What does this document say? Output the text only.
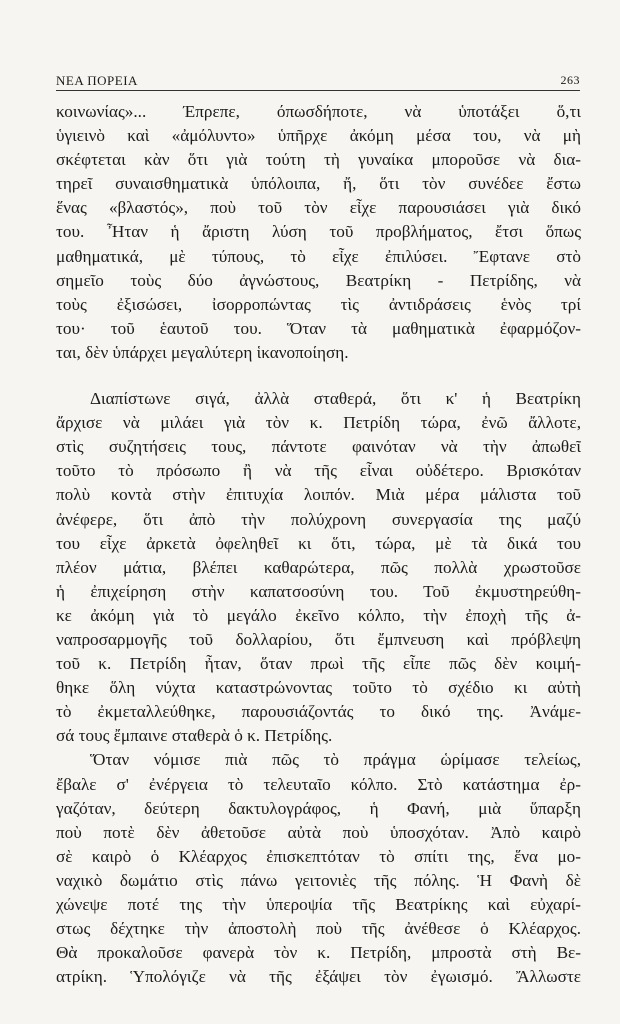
ΝΕΑ ΠΟΡΕΙΑ	263
κοινωνίας»... Έπρεπε, όπωσδήποτε, νὰ ὑποτάξει ὅ,τι
ὑγιεινὸ καὶ «ἀμόλυντο» ὑπῆρχε ἀκόμη μέσα του, νὰ μὴ
σκέφτεται κὰν ὅτι γιὰ τούτη τὴ γυναίκα μποροῦσε νὰ δια-
τηρεῖ συναισθηματικὰ ὑπόλοιπα, ἤ, ὅτι τὸν συνέδεε ἔστω
ἕνας «βλαστός», ποὺ τοῦ τὸν εἶχε παρουσιάσει γιὰ δικό
του. Ἦταν ἡ ἄριστη λύση τοῦ προβλήματος, ἔτσι ὅπως
μαθηματικά, μὲ τύπους, τὸ εἶχε ἐπιλύσει. Ἔφτανε στὸ
σημεῖο τοὺς δύο ἀγνώστους, Βεατρίκη - Πετρίδης, νὰ
τοὺς ἐξισώσει, ἰσορροπώντας τὶς ἀντιδράσεις ἑνὸς τρί
του· τοῦ ἑαυτοῦ του. Ὅταν τὰ μαθηματικὰ ἐφαρμόζον-
ται, δὲν ὑπάρχει μεγαλύτερη ἱκανοποίηση.
Διαπίστωνε σιγά, ἀλλὰ σταθερά, ὅτι κ' ἡ Βεατρίκη
ἄρχισε νὰ μιλάει γιὰ τὸν κ. Πετρίδη τώρα, ἐνῶ ἄλλοτε,
στὶς συζητήσεις τους, πάντοτε φαινόταν νὰ τὴν ἀπωθεῖ
τοῦτο τὸ πρόσωπο ἢ νὰ τῆς εἶναι οὐδέτερο. Βρισκόταν
πολὺ κοντὰ στὴν ἐπιτυχία λοιπόν. Μιὰ μέρα μάλιστα τοῦ
ἀνέφερε, ὅτι ἀπὸ τὴν πολύχρονη συνεργασία της μαζύ
του εἶχε ἀρκετὰ ὀφεληθεῖ κι ὅτι, τώρα, μὲ τὰ δικά του
πλέον μάτια, βλέπει καθαρώτερα, πῶς πολλὰ χρωστοῦσε
ἡ ἐπιχείρηση στὴν καπατσοσύνη του. Τοῦ ἐκμυστηρεύθη-
κε ἀκόμη γιὰ τὸ μεγάλο ἐκεῖνο κόλπο, τὴν ἐποχὴ τῆς ἀ-
ναπροσαρμογῆς τοῦ δολλαρίου, ὅτι ἔμπνευση καὶ πρόβλεψη
τοῦ κ. Πετρίδη ἦταν, ὅταν πρωὶ τῆς εἶπε πῶς δὲν κοιμή-
θηκε ὅλη νύχτα καταστρώνοντας τοῦτο τὸ σχέδιο κι αὐτὴ
τὸ ἐκμεταλλεύθηκε, παρουσιάζοντάς το δικό της. Ἀνάμε-
σά τους ἔμπαινε σταθερὰ ὁ κ. Πετρίδης.
Ὅταν νόμισε πιὰ πῶς τὸ πράγμα ὡρίμασε τελείως,
ἔβαλε σ' ἐνέργεια τὸ τελευταῖο κόλπο. Στὸ κατάστημα ἐρ-
γαζόταν, δεύτερη δακτυλογράφος, ἡ Φανή, μιὰ ὕπαρξη
ποὺ ποτὲ δὲν ἀθετοῦσε αὐτὰ ποὺ ὑποσχόταν. Ἀπὸ καιρὸ
σὲ καιρὸ ὁ Κλέαρχος ἐπισκεπτόταν τὸ σπίτι της, ἕνα μο-
ναχικὸ δωμάτιο στὶς πάνω γειτονιὲς τῆς πόλης. Ἡ Φανὴ δὲ
χώνεψε ποτέ της τὴν ὑπεροψία τῆς Βεατρίκης καὶ εὐχαρί-
στως δέχτηκε τὴν ἀποστολὴ ποὺ τῆς ἀνέθεσε ὁ Κλέαρχος.
Θὰ προκαλοῦσε φανερὰ τὸν κ. Πετρίδη, μπροστὰ στὴ Βε-
ατρίκη. Ὑπολόγιζε νὰ τῆς ἐξάψει τὸν ἐγωισμό. Ἄλλωστε
